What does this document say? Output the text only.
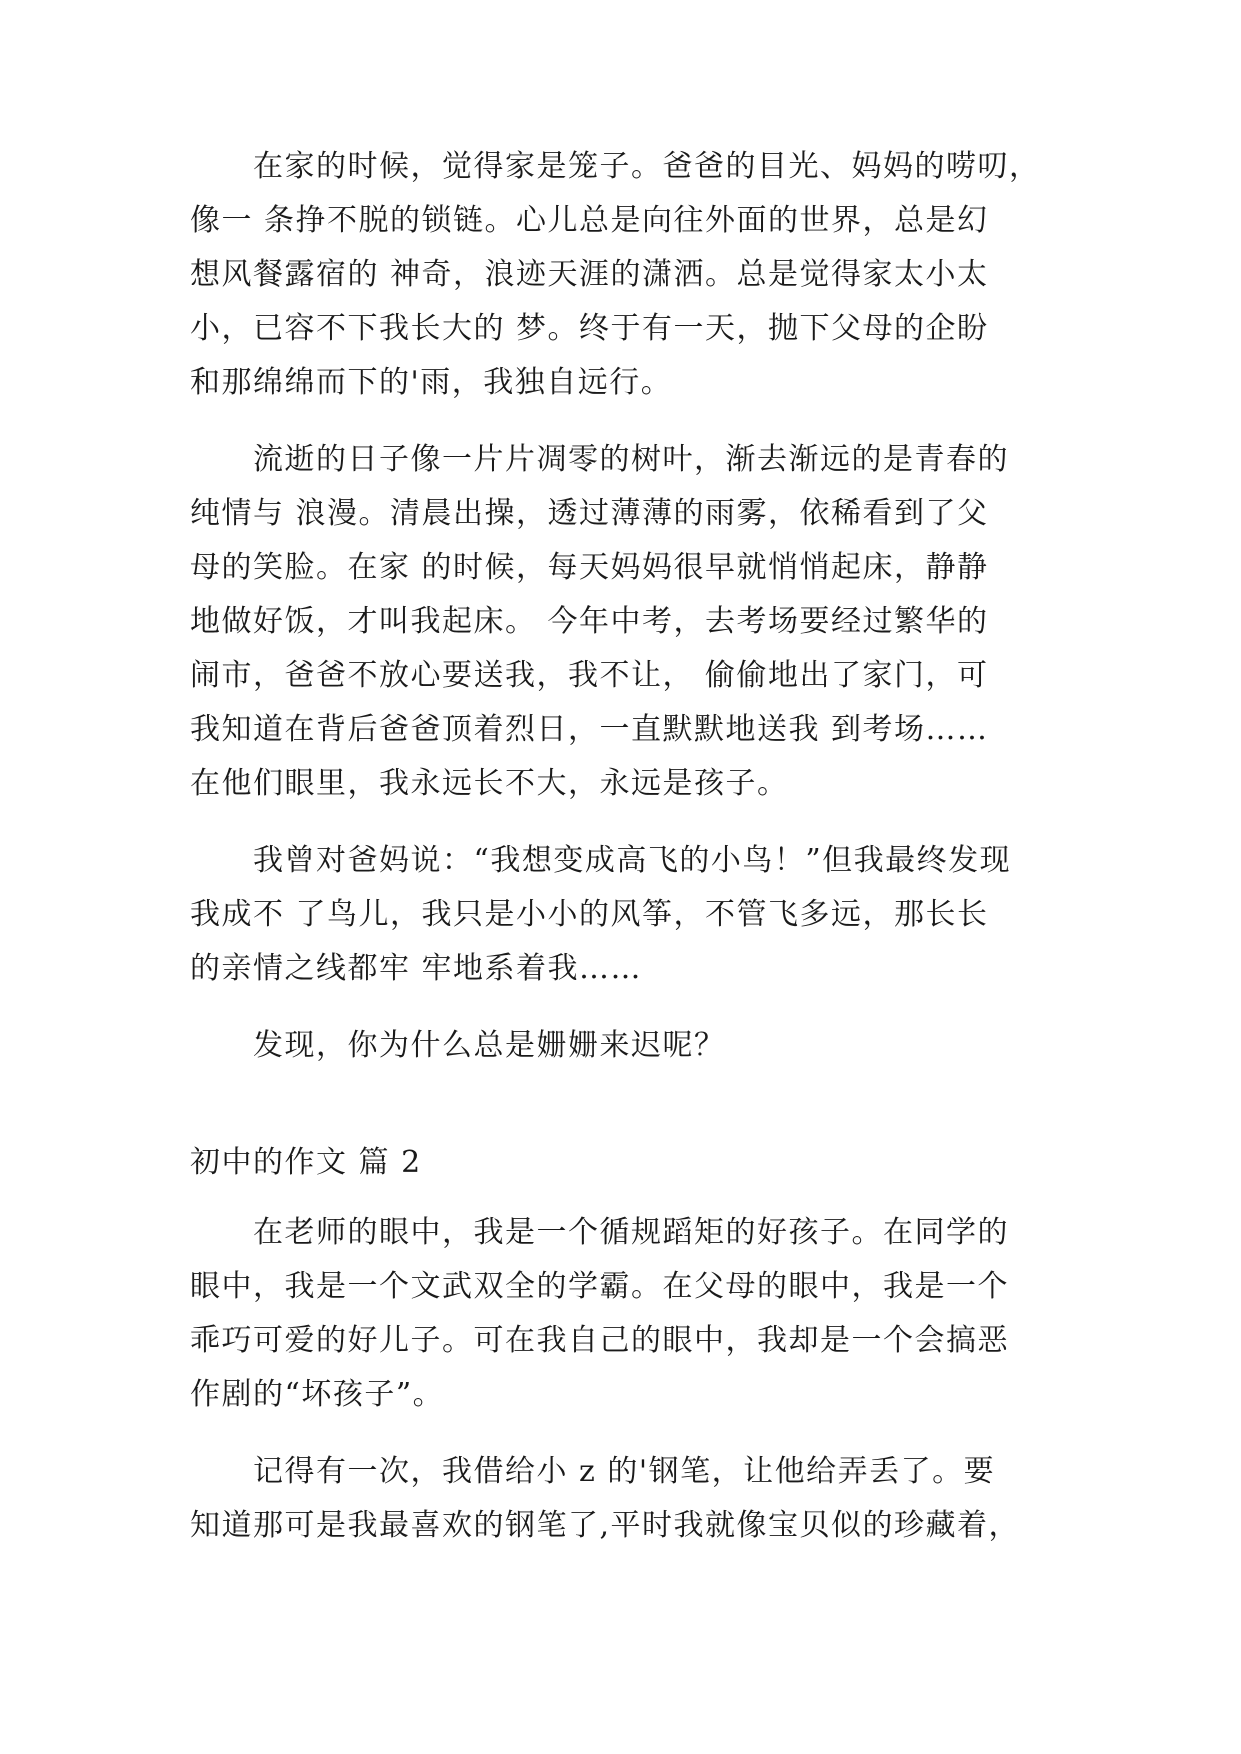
　　在家的时候，觉得家是笼子。爸爸的目光、妈妈的唠叨，
像一 条挣不脱的锁链。心儿总是向往外面的世界，总是幻
想风餐露宿的 神奇，浪迹天涯的潇洒。总是觉得家太小太
小，已容不下我长大的 梦。终于有一天，抛下父母的企盼
和那绵绵而下的'雨，我独自远行。
　　流逝的日子像一片片凋零的树叶，渐去渐远的是青春的
纯情与 浪漫。清晨出操，透过薄薄的雨雾，依稀看到了父
母的笑脸。在家 的时候，每天妈妈很早就悄悄起床，静静
地做好饭，才叫我起床。 今年中考，去考场要经过繁华的
闹市，爸爸不放心要送我，我不让， 偷偷地出了家门，可
我知道在背后爸爸顶着烈日，一直默默地送我 到考场……
在他们眼里，我永远长不大，永远是孩子。
　　我曾对爸妈说：“我想变成高飞的小鸟！”但我最终发现
我成不 了鸟儿，我只是小小的风筝，不管飞多远，那长长
的亲情之线都牢 牢地系着我……
　　发现，你为什么总是姗姗来迟呢？
初中的作文 篇 2
　　在老师的眼中，我是一个循规蹈矩的好孩子。在同学的
眼中，我是一个文武双全的学霸。在父母的眼中，我是一个
乖巧可爱的好儿子。可在我自己的眼中，我却是一个会搞恶
作剧的“坏孩子”。
　　记得有一次，我借给小 z 的'钢笔，让他给弄丢了。要
知道那可是我最喜欢的钢笔了,平时我就像宝贝似的珍藏着，
